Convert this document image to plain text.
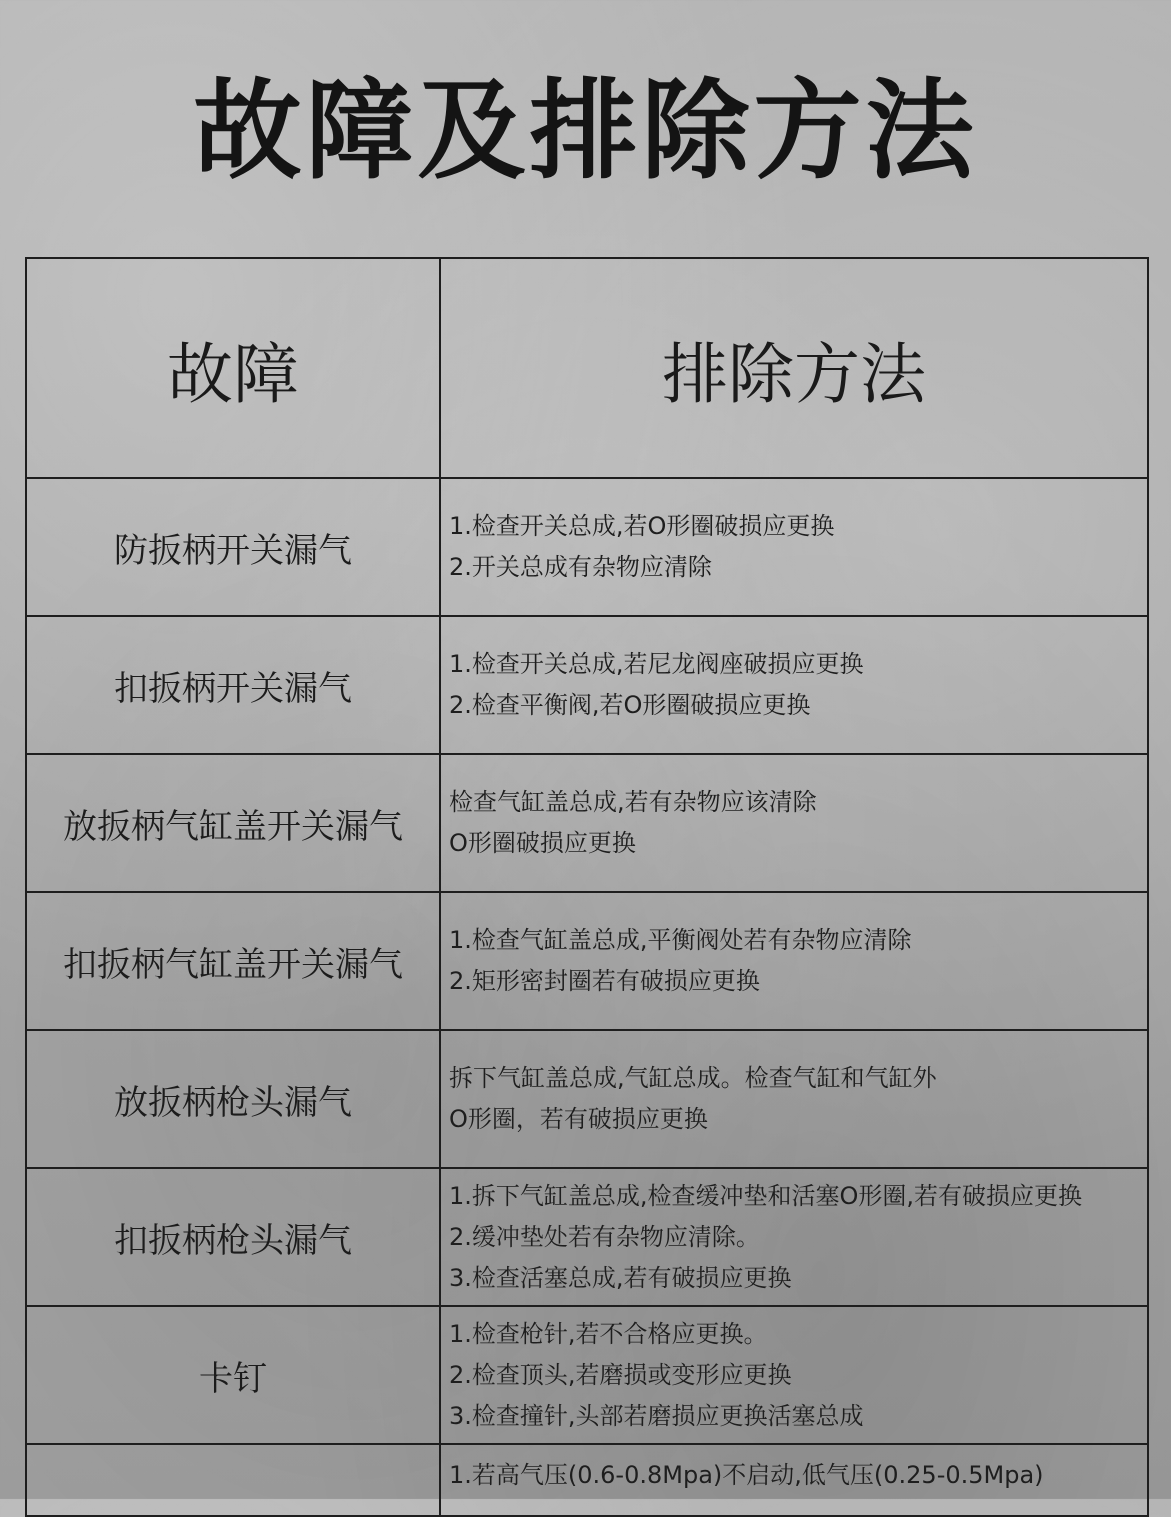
故障及排除方法
故障	排除方法
防扳柄开关漏气	1.检查开关总成,若O形圈破损应更换
2.开关总成有杂物应清除

扣扳柄开关漏气	1.检查开关总成,若尼龙阀座破损应更换
2.检查平衡阀,若O形圈破损应更换

放扳柄气缸盖开关漏气	检查气缸盖总成,若有杂物应该清除
O形圈破损应更换

扣扳柄气缸盖开关漏气	1.检查气缸盖总成,平衡阀处若有杂物应清除
2.矩形密封圈若有破损应更换

放扳柄枪头漏气	拆下气缸盖总成,气缸总成。检查气缸和气缸外
O形圈，若有破损应更换

扣扳柄枪头漏气	1.拆下气缸盖总成,检查缓冲垫和活塞O形圈,若有破损应更换
2.缓冲垫处若有杂物应清除。
3.检查活塞总成,若有破损应更换

卡钉	1.检查枪针,若不合格应更换。
2.检查顶头,若磨损或变形应更换
3.检查撞针,头部若磨损应更换活塞总成

	1.若高气压(0.6-0.8Mpa)不启动,低气压(0.25-0.5Mpa)
